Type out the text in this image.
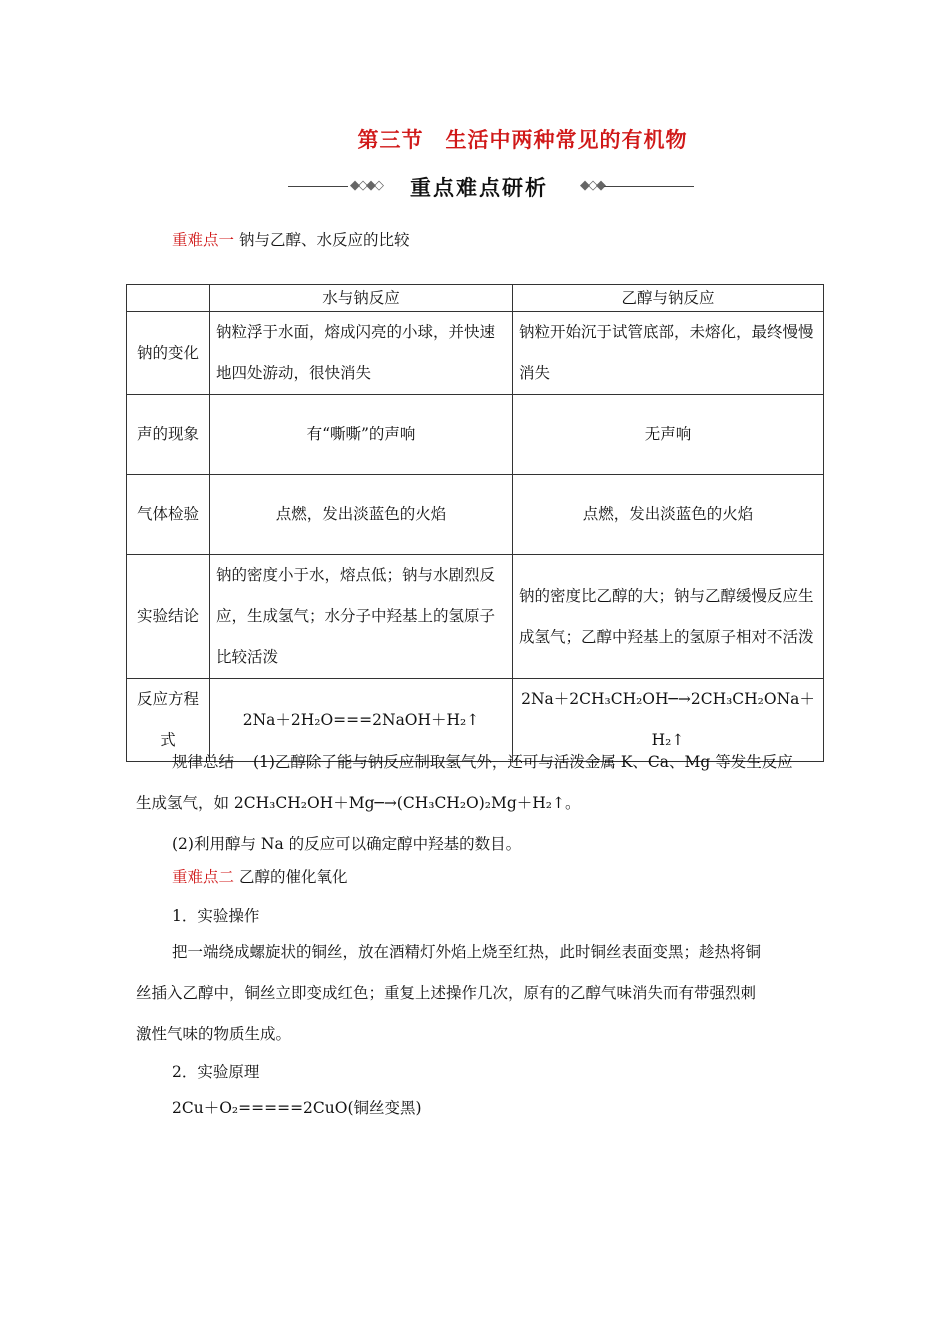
第三节　生活中两种常见的有机物
◆◇◆◇ 重点难点研析 ◆◇◆
重难点一 钠与乙醇、水反应的比较
	水与钠反应	乙醇与钠反应
钠的变化	钠粒浮于水面，熔成闪亮的小球，并快速地四处游动，很快消失	钠粒开始沉于试管底部，未熔化，最终慢慢消失
声的现象	有“嘶嘶”的声响	无声响
气体检验	点燃，发出淡蓝色的火焰	点燃，发出淡蓝色的火焰
实验结论	钠的密度小于水，熔点低；钠与水剧烈反应，生成氢气；水分子中羟基上的氢原子比较活泼	钠的密度比乙醇的大；钠与乙醇缓慢反应生成氢气；乙醇中羟基上的氢原子相对不活泼
反应方程式	2Na＋2H₂O===2NaOH＋H₂↑	2Na＋2CH₃CH₂OH─→2CH₃CH₂ONa＋H₂↑
规律总结 (1)乙醇除了能与钠反应制取氢气外，还可与活泼金属 K、Ca、Mg 等发生反应
生成氢气，如 2CH₃CH₂OH＋Mg─→(CH₃CH₂O)₂Mg＋H₂↑。
(2)利用醇与 Na 的反应可以确定醇中羟基的数目。
重难点二 乙醇的催化氧化
1．实验操作
把一端绕成螺旋状的铜丝，放在酒精灯外焰上烧至红热，此时铜丝表面变黑；趁热将铜
丝插入乙醇中，铜丝立即变成红色；重复上述操作几次，原有的乙醇气味消失而有带强烈刺
激性气味的物质生成。
2．实验原理
2Cu＋O₂=====2CuO(铜丝变黑)
